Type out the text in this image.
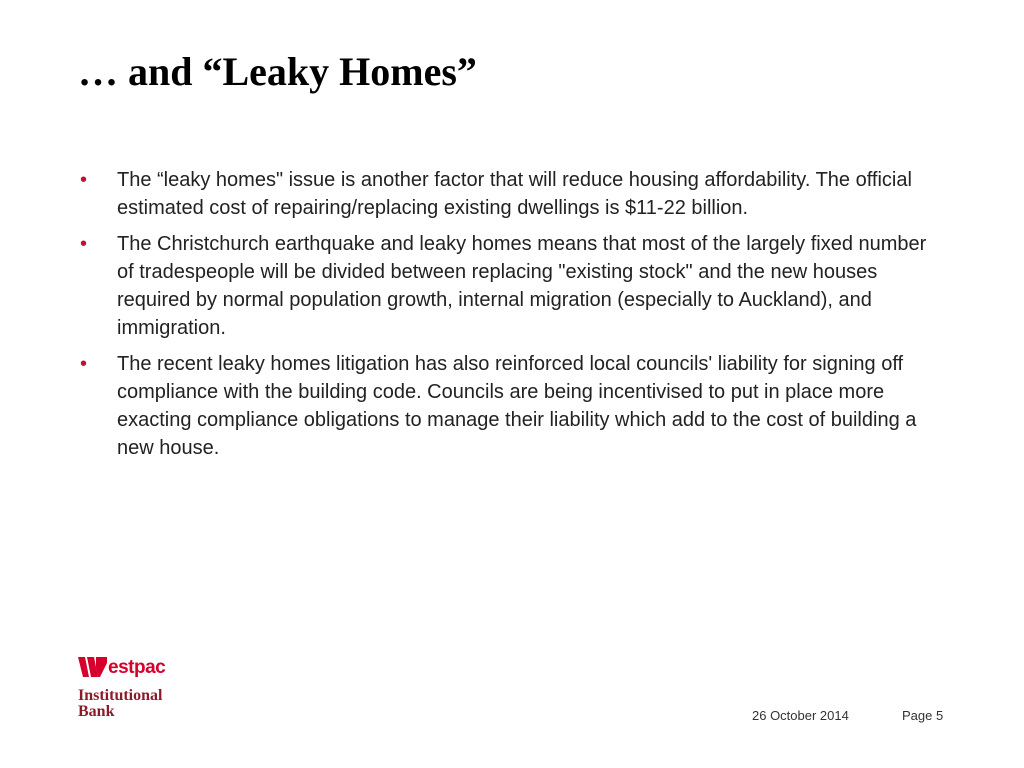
… and “Leaky Homes”
•	The “leaky homes" issue is another factor that will reduce housing affordability. The official estimated cost of repairing/replacing existing dwellings is $11-22 billion.
•	The Christchurch earthquake and leaky homes means that most of the largely fixed number of tradespeople will be divided between replacing "existing stock" and the new houses required by normal population growth, internal migration (especially to Auckland), and immigration.
•	The recent leaky homes litigation has also reinforced local councils' liability for signing off compliance with the building code. Councils are being incentivised to put in place more exacting compliance obligations to manage their liability which add to the cost of building a new house.
estpac
Institutional
Bank	26 October 2014	Page 5
